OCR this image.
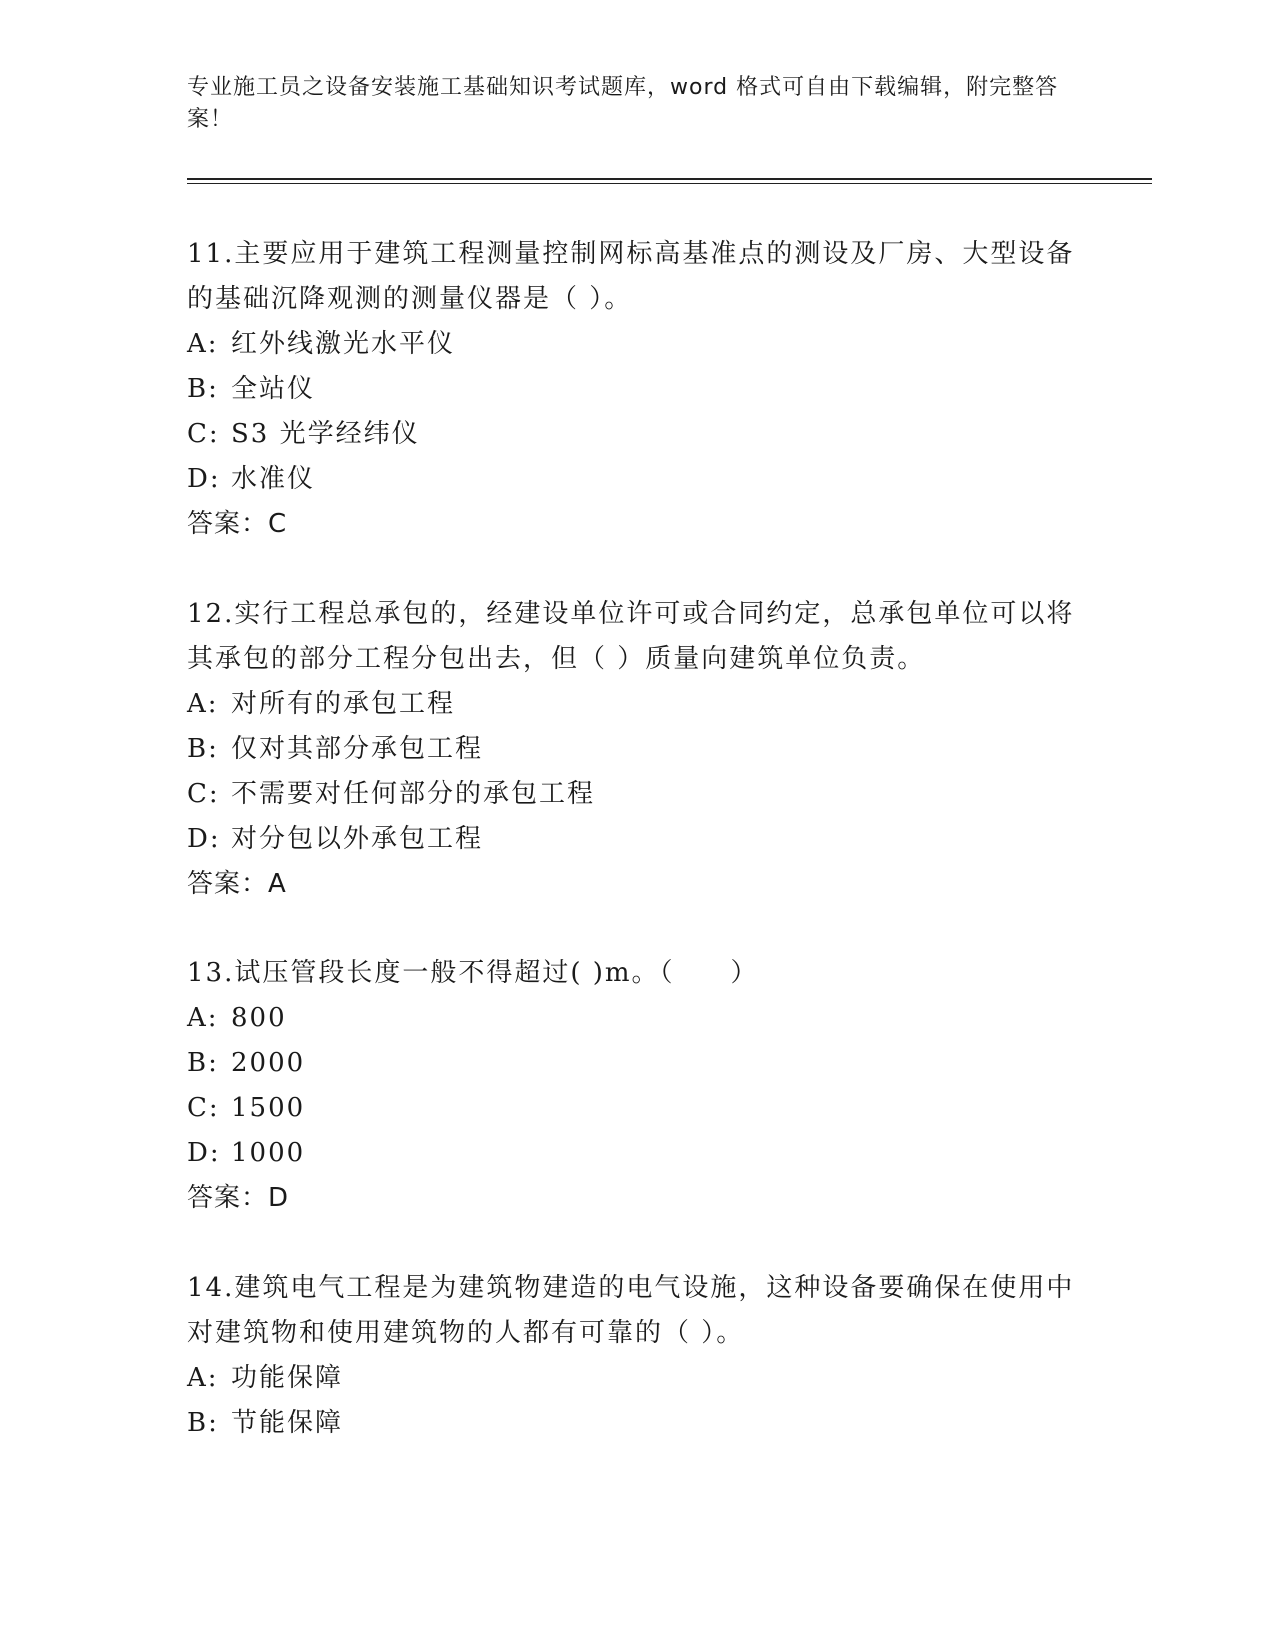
专业施工员之设备安装施工基础知识考试题库，word 格式可自由下载编辑，附完整答案！
11.主要应用于建筑工程测量控制网标高基准点的测设及厂房、大型设备的基础沉降观测的测量仪器是（ ）。
A: 红外线激光水平仪
B: 全站仪
C: S3 光学经纬仪
D: 水准仪
答案：C
12.实行工程总承包的，经建设单位许可或合同约定，总承包单位可以将其承包的部分工程分包出去，但（ ）质量向建筑单位负责。
A: 对所有的承包工程
B: 仅对其部分承包工程
C: 不需要对任何部分的承包工程
D: 对分包以外承包工程
答案：A
13.试压管段长度一般不得超过( )m。（　　）
A: 800
B: 2000
C: 1500
D: 1000
答案：D
14.建筑电气工程是为建筑物建造的电气设施，这种设备要确保在使用中对建筑物和使用建筑物的人都有可靠的（ ）。
A: 功能保障
B: 节能保障
